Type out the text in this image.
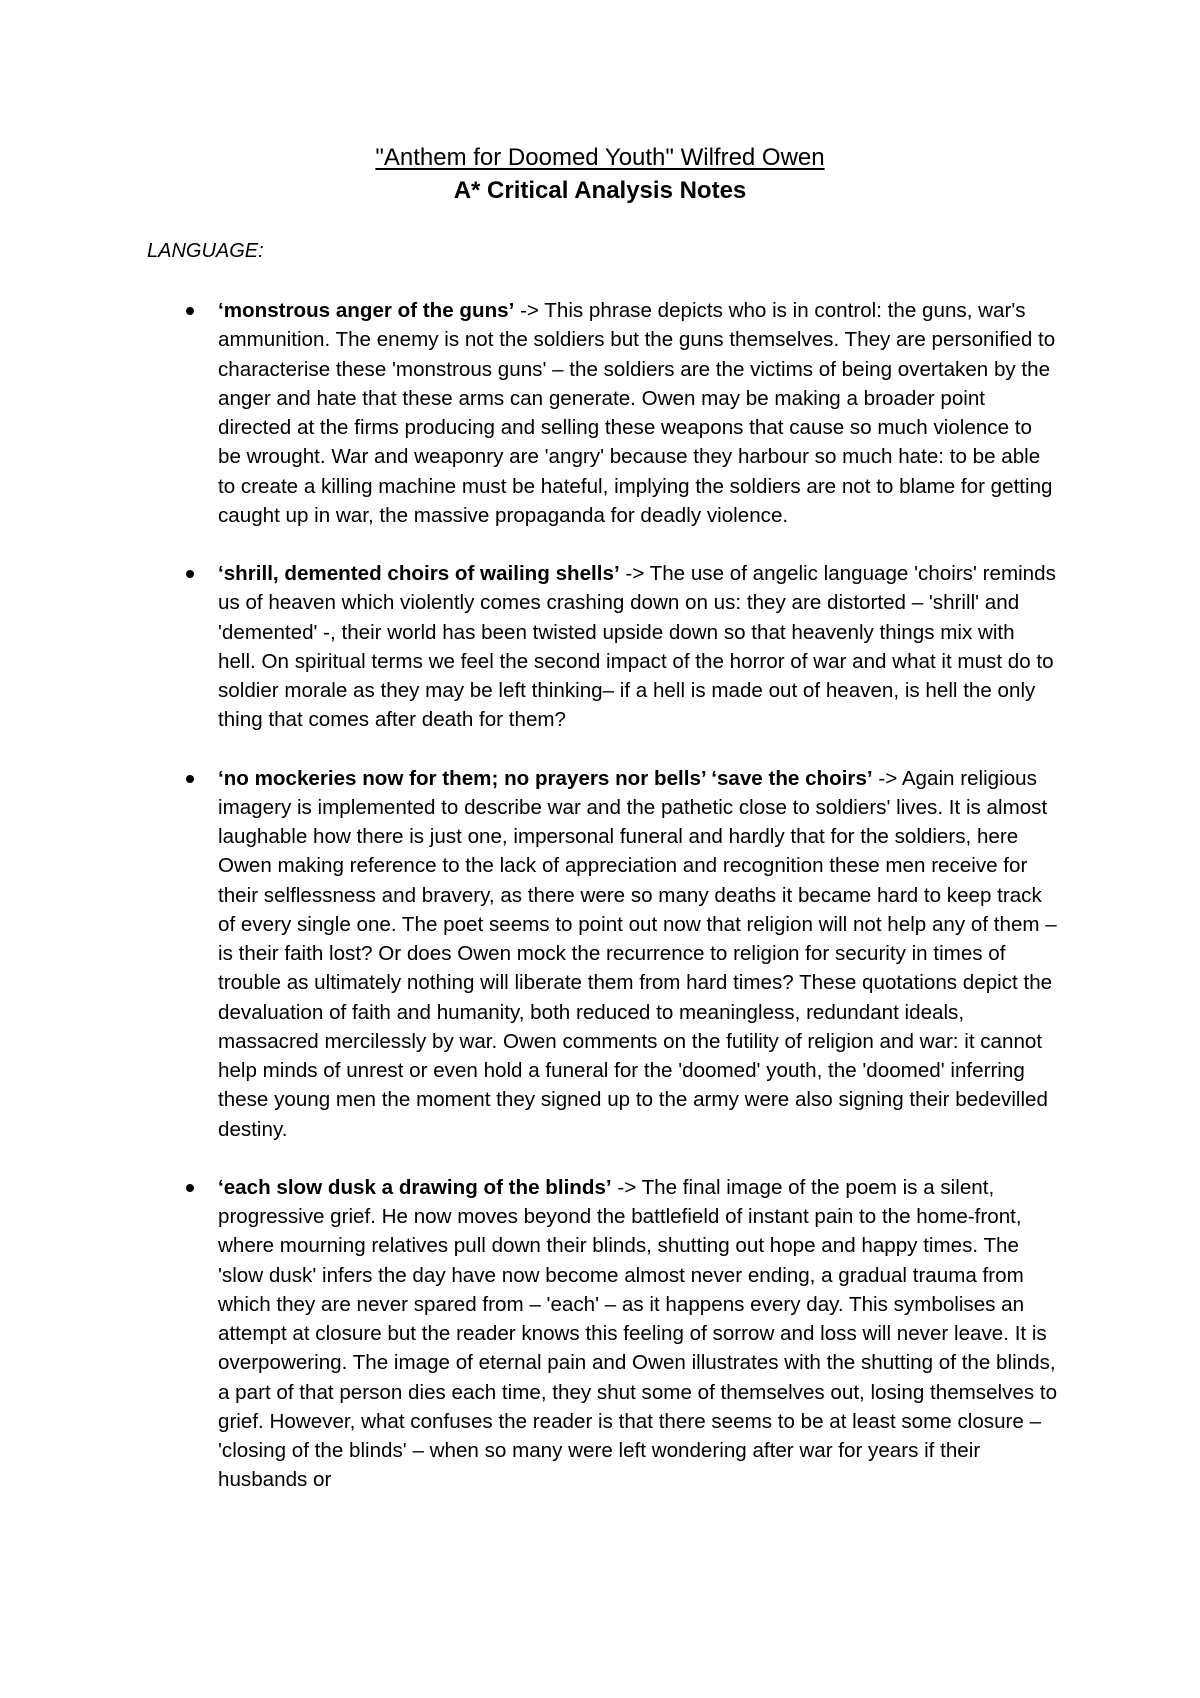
"Anthem for Doomed Youth" Wilfred Owen
A* Critical Analysis Notes
LANGUAGE:
‘monstrous anger of the guns’ -> This phrase depicts who is in control: the guns, war's ammunition. The enemy is not the soldiers but the guns themselves. They are personified to characterise these 'monstrous guns' – the soldiers are the victims of being overtaken by the anger and hate that these arms can generate. Owen may be making a broader point directed at the firms producing and selling these weapons that cause so much violence to be wrought. War and weaponry are 'angry' because they harbour so much hate: to be able to create a killing machine must be hateful, implying the soldiers are not to blame for getting caught up in war, the massive propaganda for deadly violence.
‘shrill, demented choirs of wailing shells’ -> The use of angelic language 'choirs' reminds us of heaven which violently comes crashing down on us: they are distorted – 'shrill' and 'demented' -, their world has been twisted upside down so that heavenly things mix with hell. On spiritual terms we feel the second impact of the horror of war and what it must do to soldier morale as they may be left thinking– if a hell is made out of heaven, is hell the only thing that comes after death for them?
‘no mockeries now for them; no prayers nor bells’ ‘save the choirs’ -> Again religious imagery is implemented to describe war and the pathetic close to soldiers' lives. It is almost laughable how there is just one, impersonal funeral and hardly that for the soldiers, here Owen making reference to the lack of appreciation and recognition these men receive for their selflessness and bravery, as there were so many deaths it became hard to keep track of every single one. The poet seems to point out now that religion will not help any of them – is their faith lost? Or does Owen mock the recurrence to religion for security in times of trouble as ultimately nothing will liberate them from hard times? These quotations depict the devaluation of faith and humanity, both reduced to meaningless, redundant ideals, massacred mercilessly by war. Owen comments on the futility of religion and war: it cannot help minds of unrest or even hold a funeral for the 'doomed' youth, the 'doomed' inferring these young men the moment they signed up to the army were also signing their bedevilled destiny.
‘each slow dusk a drawing of the blinds’ -> The final image of the poem is a silent, progressive grief. He now moves beyond the battlefield of instant pain to the home-front, where mourning relatives pull down their blinds, shutting out hope and happy times. The 'slow dusk' infers the day have now become almost never ending, a gradual trauma from which they are never spared from – 'each' – as it happens every day. This symbolises an attempt at closure but the reader knows this feeling of sorrow and loss will never leave. It is overpowering. The image of eternal pain and Owen illustrates with the shutting of the blinds, a part of that person dies each time, they shut some of themselves out, losing themselves to grief. However, what confuses the reader is that there seems to be at least some closure – 'closing of the blinds' – when so many were left wondering after war for years if their husbands or
